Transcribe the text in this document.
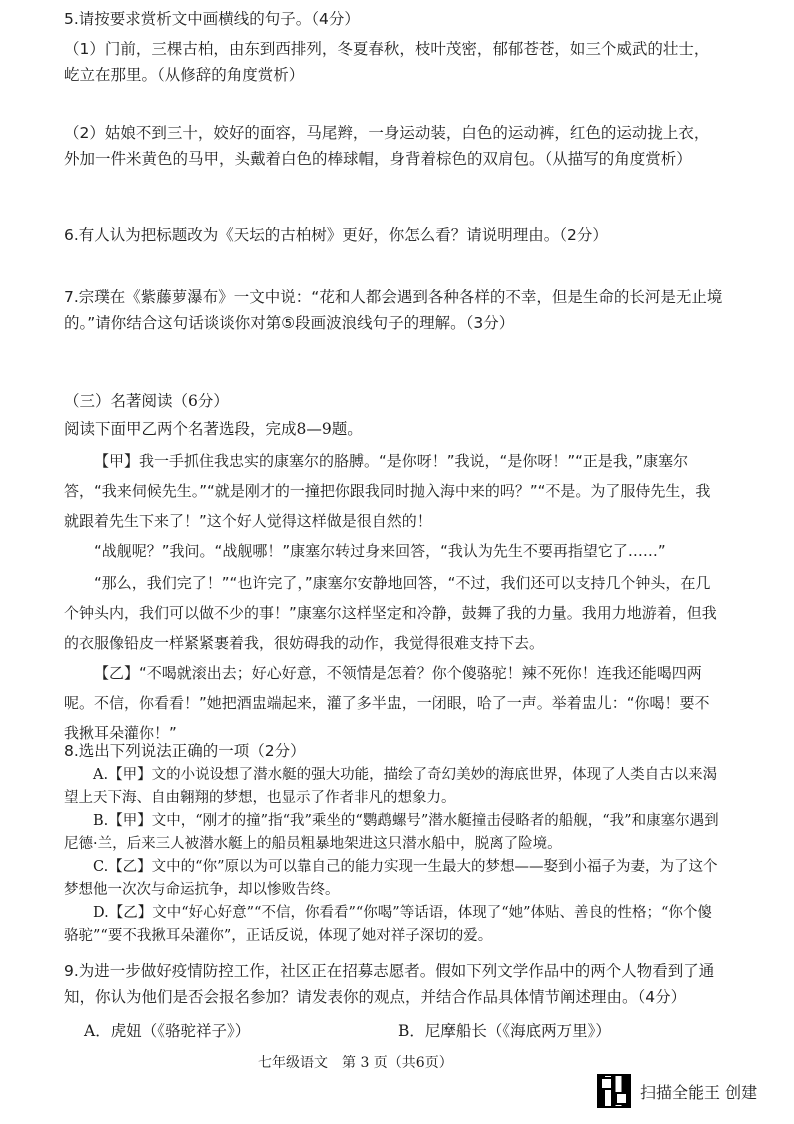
5.请按要求赏析文中画横线的句子。（4分）

（1）门前，三棵古柏，由东到西排列，冬夏春秋，枝叶茂密，郁郁苍苍，如三个威武的壮士，屹立在那里。（从修辞的角度赏析）

（2）姑娘不到三十，姣好的面容，马尾辫，一身运动装，白色的运动裤，红色的运动拢上衣，外加一件米黄色的马甲，头戴着白色的棒球帽，身背着棕色的双肩包。（从描写的角度赏析）

6.有人认为把标题改为《天坛的古柏树》更好，你怎么看？请说明理由。（2分）

7.宗璞在《紫藤萝瀑布》一文中说：“花和人都会遇到各种各样的不幸，但是生命的长河是无止境的。”请你结合这句话谈谈你对第⑤段画波浪线句子的理解。（3分）

（三）名著阅读（6分）

阅读下面甲乙两个名著选段，完成8—9题。

【甲】我一手抓住我忠实的康塞尔的胳膊。“是你呀！”我说，“是你呀！”“正是我，”康塞尔答，“我来伺候先生。”“就是刚才的一撞把你跟我同时抛入海中来的吗？”“不是。为了服侍先生，我就跟着先生下来了！”这个好人觉得这样做是很自然的！

“战舰呢？”我问。“战舰哪！”康塞尔转过身来回答，“我认为先生不要再指望它了……”

“那么，我们完了！”“也许完了，”康塞尔安静地回答，“不过，我们还可以支持几个钟头，在几个钟头内，我们可以做不少的事！”康塞尔这样坚定和冷静，鼓舞了我的力量。我用力地游着，但我的衣服像铅皮一样紧紧裹着我，很妨碍我的动作，我觉得很难支持下去。

【乙】“不喝就滚出去；好心好意，不领情是怎着？你个傻骆驼！辣不死你！连我还能喝四两呢。不信，你看看！”她把酒盅端起来，灌了多半盅，一闭眼，哈了一声。举着盅儿：“你喝！要不我揪耳朵灌你！”

8.选出下列说法正确的一项（2分）

A.【甲】文的小说设想了潜水艇的强大功能，描绘了奇幻美妙的海底世界，体现了人类自古以来渴望上天下海、自由翱翔的梦想，也显示了作者非凡的想象力。

B.【甲】文中，“刚才的撞”指“我”乘坐的“鹦鹉螺号”潜水艇撞击侵略者的船舰，“我”和康塞尔遇到尼德·兰，后来三人被潜水艇上的船员粗暴地架进这只潜水船中，脱离了险境。

C.【乙】文中的“你”原以为可以靠自己的能力实现一生最大的梦想——娶到小福子为妻，为了这个梦想他一次次与命运抗争，却以惨败告终。

D.【乙】文中“好心好意”“不信，你看看”“你喝”等话语，体现了“她”体贴、善良的性格；“你个傻骆驼”“要不我揪耳朵灌你”，正话反说，体现了她对祥子深切的爱。

9.为进一步做好疫情防控工作，社区正在招募志愿者。假如下列文学作品中的两个人物看到了通知，你认为他们是否会报名参加？请发表你的观点，并结合作品具体情节阐述理由。（4分）

A．虎妞（《骆驼祥子》）	B．尼摩船长（《海底两万里》）

七年级语文　第 3 页（共6页）

扫描全能王 创建
